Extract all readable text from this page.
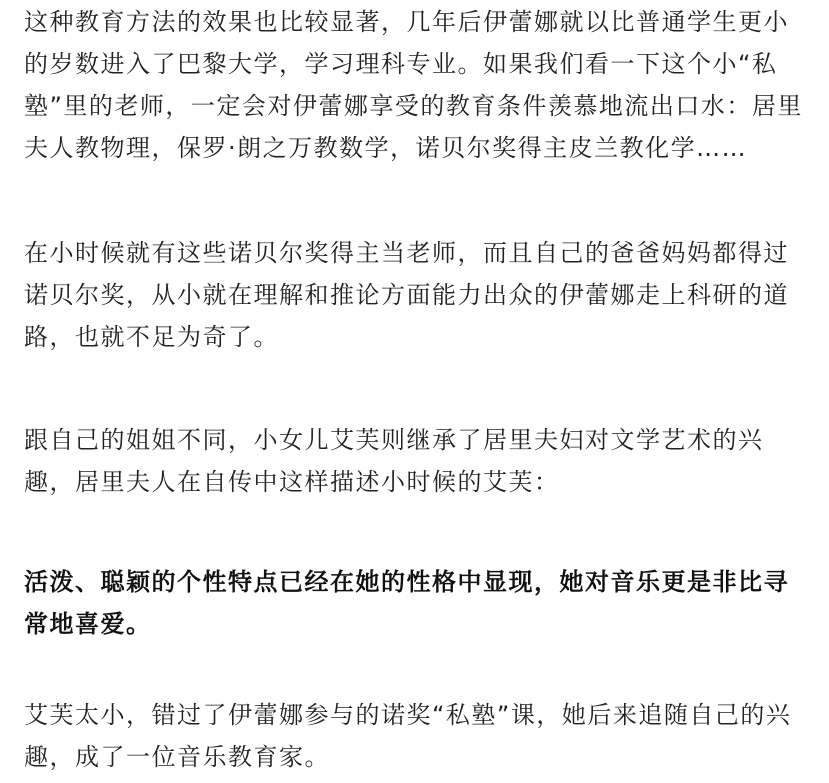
这种教育方法的效果也比较显著，几年后伊蕾娜就以比普通学生更小的岁数进入了巴黎大学，学习理科专业。如果我们看一下这个小“私塾”里的老师，一定会对伊蕾娜享受的教育条件羡慕地流出口水：居里夫人教物理，保罗·朗之万教数学，诺贝尔奖得主皮兰教化学……

在小时候就有这些诺贝尔奖得主当老师，而且自己的爸爸妈妈都得过诺贝尔奖，从小就在理解和推论方面能力出众的伊蕾娜走上科研的道路，也就不足为奇了。

跟自己的姐姐不同，小女儿艾芙则继承了居里夫妇对文学艺术的兴趣，居里夫人在自传中这样描述小时候的艾芙：

活泼、聪颖的个性特点已经在她的性格中显现，她对音乐更是非比寻常地喜爱。

艾芙太小，错过了伊蕾娜参与的诺奖“私塾”课，她后来追随自己的兴趣，成了一位音乐教育家。
